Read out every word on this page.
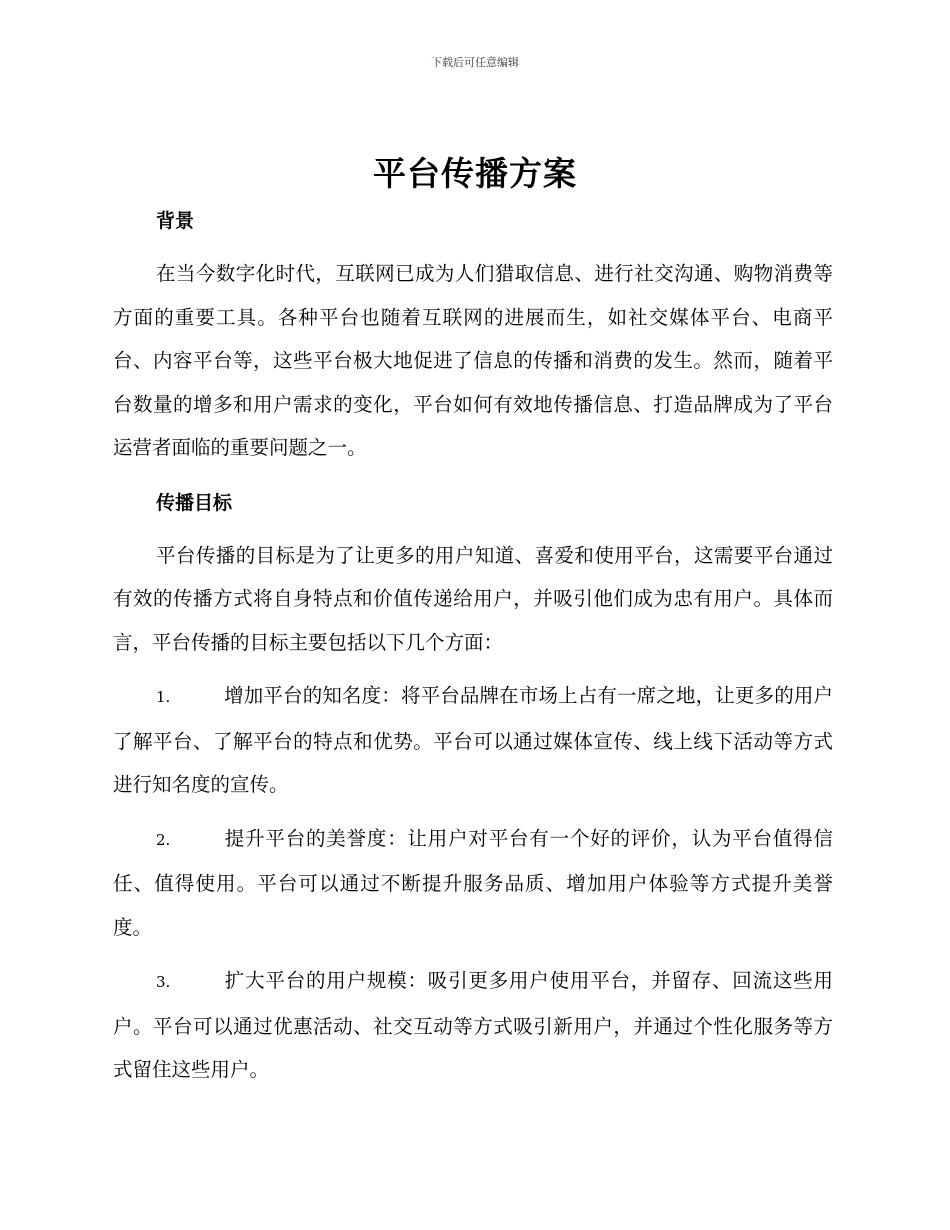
下载后可任意编辑
平台传播方案

背景

在当今数字化时代，互联网已成为人们猎取信息、进行社交沟通、购物消费等方面的重要工具。各种平台也随着互联网的进展而生，如社交媒体平台、电商平台、内容平台等，这些平台极大地促进了信息的传播和消费的发生。然而，随着平台数量的增多和用户需求的变化，平台如何有效地传播信息、打造品牌成为了平台运营者面临的重要问题之一。

传播目标

平台传播的目标是为了让更多的用户知道、喜爱和使用平台，这需要平台通过有效的传播方式将自身特点和价值传递给用户，并吸引他们成为忠有用户。具体而言，平台传播的目标主要包括以下几个方面：

1.	增加平台的知名度：将平台品牌在市场上占有一席之地，让更多的用户了解平台、了解平台的特点和优势。平台可以通过媒体宣传、线上线下活动等方式进行知名度的宣传。

2.	提升平台的美誉度：让用户对平台有一个好的评价，认为平台值得信任、值得使用。平台可以通过不断提升服务品质、增加用户体验等方式提升美誉度。

3.	扩大平台的用户规模：吸引更多用户使用平台，并留存、回流这些用户。平台可以通过优惠活动、社交互动等方式吸引新用户，并通过个性化服务等方式留住这些用户。
